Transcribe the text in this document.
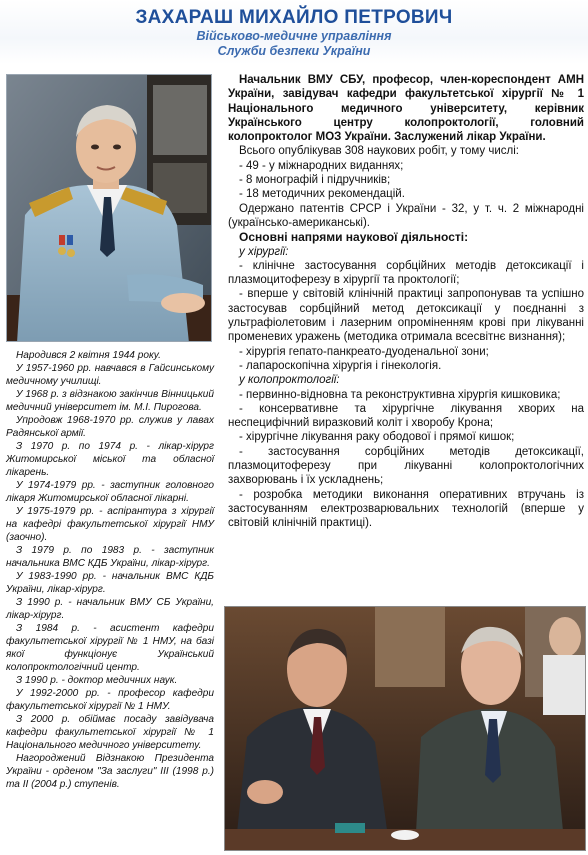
ЗАХАРАШ МИХАЙЛО ПЕТРОВИЧ
Військово-медичне управління
Служби безпеки України

Народився 2 квітня 1944 року.

У 1957-1960 рр. навчався в Гайсинському медичному училищі.

У 1968 р. з відзнакою закінчив Вінницький медичний університет ім. М.І. Пирогова.

Упродовж 1968-1970 рр. служив у лавах Радянської армії.

З 1970 р. по 1974 р. - лікар-хірург Житомирської міської та обласної лікарень.

У 1974-1979 рр. - заступник головного лікаря Житомирської обласної лікарні.

У 1975-1979 рр. - аспірантура з хірургії на кафедрі факультетської хірургії НМУ (заочно).

З 1979 р. по 1983 р. - заступник начальника ВМС КДБ України, лікар-хірург.

У 1983-1990 рр. - начальник ВМС КДБ України, лікар-хірург.

З 1990 р. - начальник ВМУ СБ України, лікар-хірург.

З 1984 р. - асистент кафедри факультетської хірургії № 1 НМУ, на базі якої функціонує Український колопроктологічний центр.

З 1990 р. - доктор медичних наук.

У 1992-2000 рр. - професор кафедри факультетської хірургії № 1 НМУ.

З 2000 р. обіймає посаду завідувача кафедри факультетської хірургії № 1 Національного медичного університету.

Нагороджений Відзнакою Президента України - орденом "За заслуги" III (1998 р.) та II (2004 р.) ступенів.

Начальник ВМУ СБУ, професор, член-кореспондент АМН України, завідувач кафедри факультетської хірургії № 1 Національного медичного університету, керівник Українського центру колопроктології, головний колопроктолог МОЗ України. Заслужений лікар України.

Всього опублікував 308 наукових робіт, у тому числі:

- 49 - у міжнародних виданнях;

- 8 монографій і підручників;

- 18 методичних рекомендацій.

Одержано патентів СРСР і України - 32, у т. ч. 2 міжнародні (українсько-американські).

Основні напрями наукової діяльності:

у хірургії:

- клінічне застосування сорбційних методів детоксикації і плазмоцитоферезу в хірургії та проктології;

- вперше у світовій клінічній практиці запропонував та успішно застосував сорбційний метод детоксикації у поєднанні з ультрафіолетовим і лазерним опроміненням крові при лікуванні променевих уражень (методика отримала всесвітнє визнання);

- хірургія гепато-панкреато-дуоденальної зони;

- лапароскопічна хірургія і гінекологія.

у колопроктології:

- первинно-відновна та реконструктивна хірургія кишковика;

- консервативне та хірургічне лікування хворих на неспецифічний виразковий коліт і хворобу Крона;

- хірургічне лікування раку ободової і прямої кишок;

- застосування сорбційних методів детоксикації, плазмоцитоферезу при лікуванні колопроктологічних захворювань і їх ускладнень;

- розробка методики виконання оперативних втручань із застосуванням електрозварювальних технологій (вперше у світовій клінічній практиці).
